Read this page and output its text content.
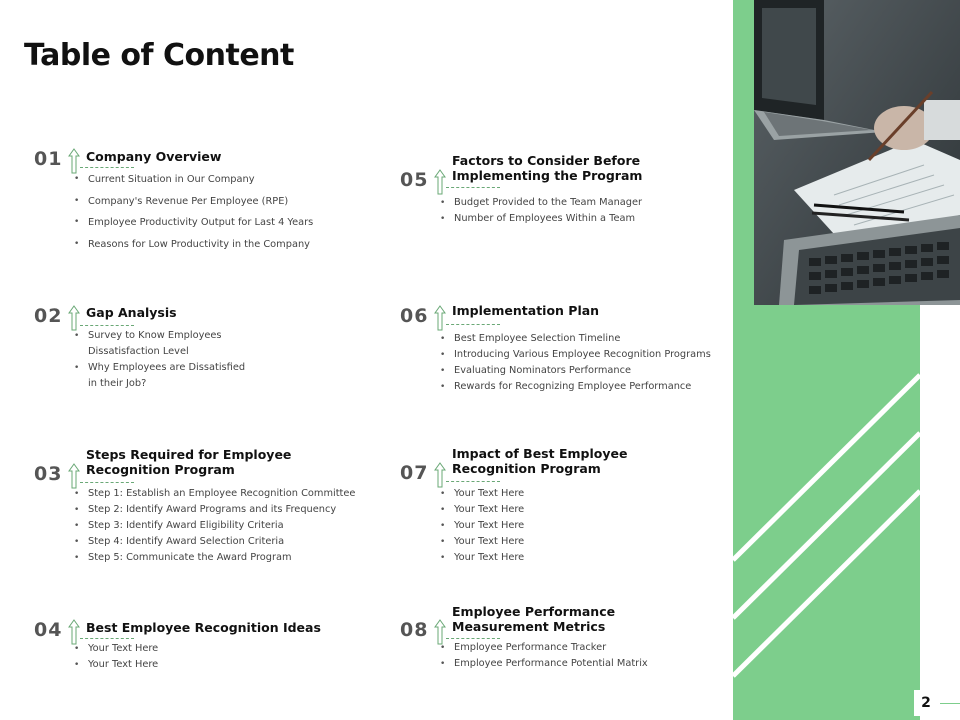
Table of Content
2
01 Company Overview
• Current Situation in Our Company
• Company's Revenue Per Employee (RPE)
• Employee Productivity Output for Last 4 Years
• Reasons for Low Productivity in the Company
02 Gap Analysis
• Survey to Know Employees
Dissatisfaction Level
• Why Employees are Dissatisfied
in their Job?
03
Steps Required for Employee
Recognition Program
• Step 1: Establish an Employee Recognition Committee
• Step 2: Identify Award Programs and its Frequency
• Step 3: Identify Award Eligibility Criteria
• Step 4: Identify Award Selection Criteria
• Step 5: Communicate the Award Program
04 Best Employee Recognition Ideas
• Your Text Here
• Your Text Here
05
Factors to Consider Before
Implementing the Program
• Budget Provided to the Team Manager
• Number of Employees Within a Team
06 Implementation Plan
• Best Employee Selection Timeline
• Introducing Various Employee Recognition Programs
• Evaluating Nominators Performance
• Rewards for Recognizing Employee Performance
07
Impact of Best Employee
Recognition Program
• Your Text Here
• Your Text Here
• Your Text Here
• Your Text Here
• Your Text Here
08
Employee Performance
Measurement Metrics
• Employee Performance Tracker
• Employee Performance Potential Matrix
